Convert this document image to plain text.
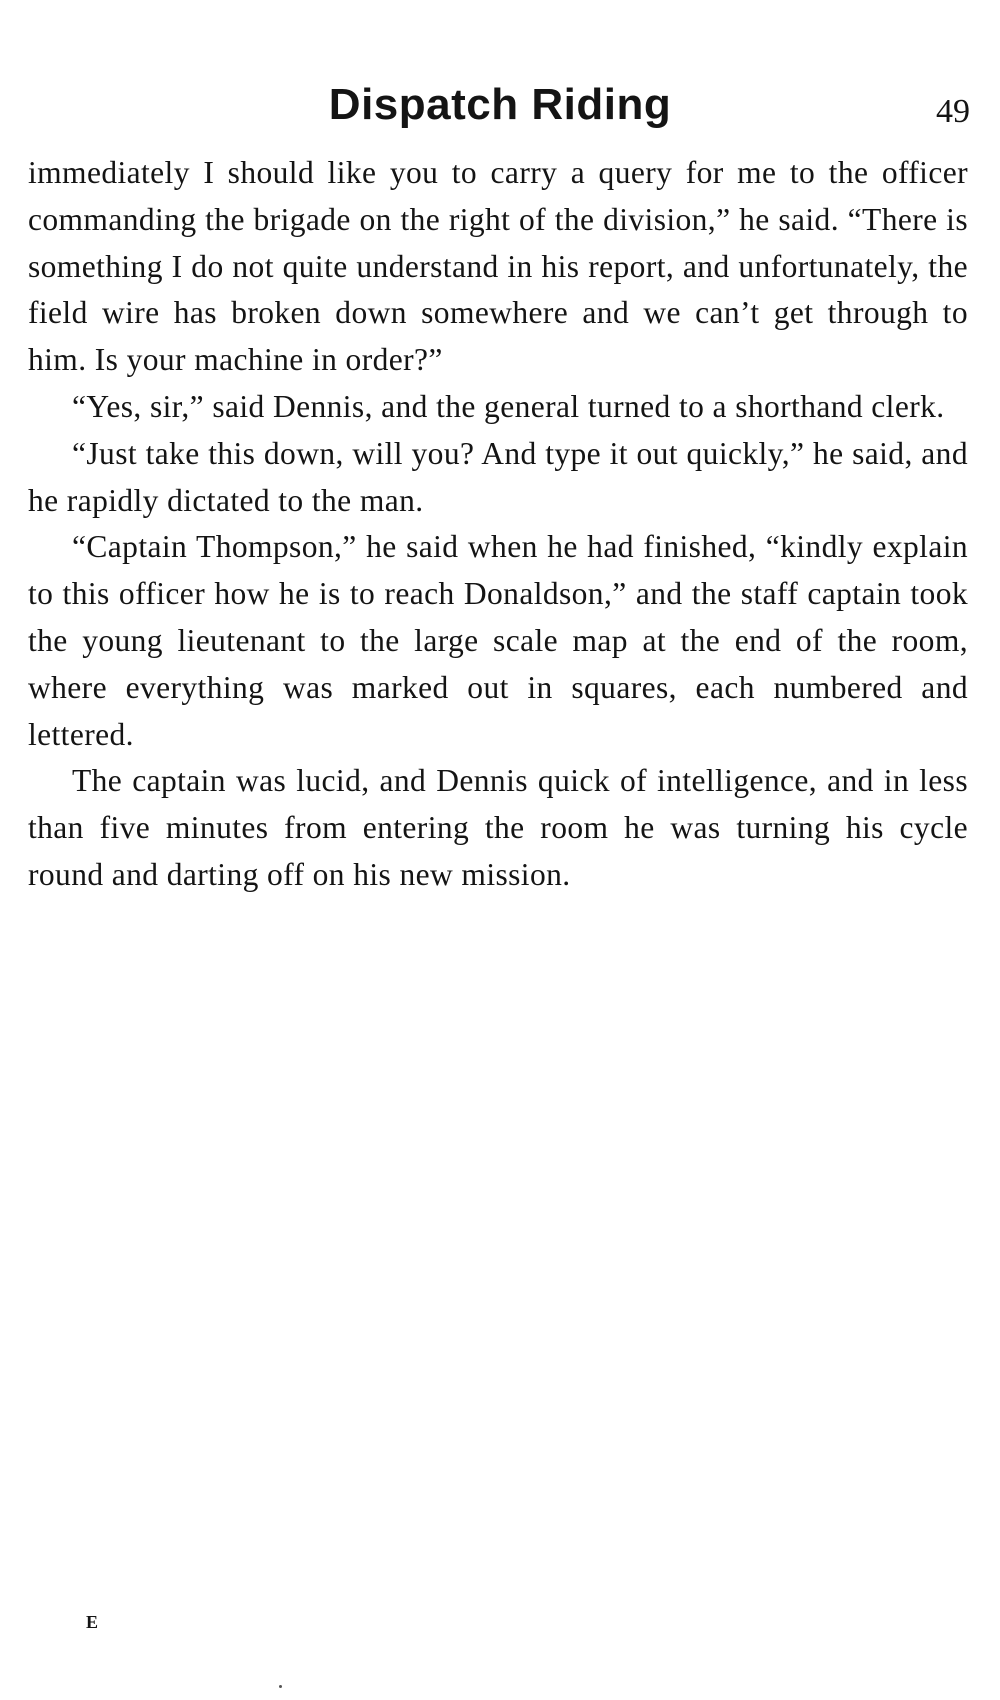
Dispatch Riding	49

immediately I should like you to carry a query for me to the officer commanding the brigade on the right of the division,” he said. “There is something I do not quite understand in his report, and unfortunately, the field wire has broken down somewhere and we can’t get through to him. Is your machine in order?”

“Yes, sir,” said Dennis, and the general turned to a shorthand clerk.

“Just take this down, will you? And type it out quickly,” he said, and he rapidly dictated to the man.

“Captain Thompson,” he said when he had finished, “kindly explain to this officer how he is to reach Donaldson,” and the staff captain took the young lieutenant to the large scale map at the end of the room, where everything was marked out in squares, each numbered and lettered.

The captain was lucid, and Dennis quick of intelligence, and in less than five minutes from entering the room he was turning his cycle round and darting off on his new mission.

E
